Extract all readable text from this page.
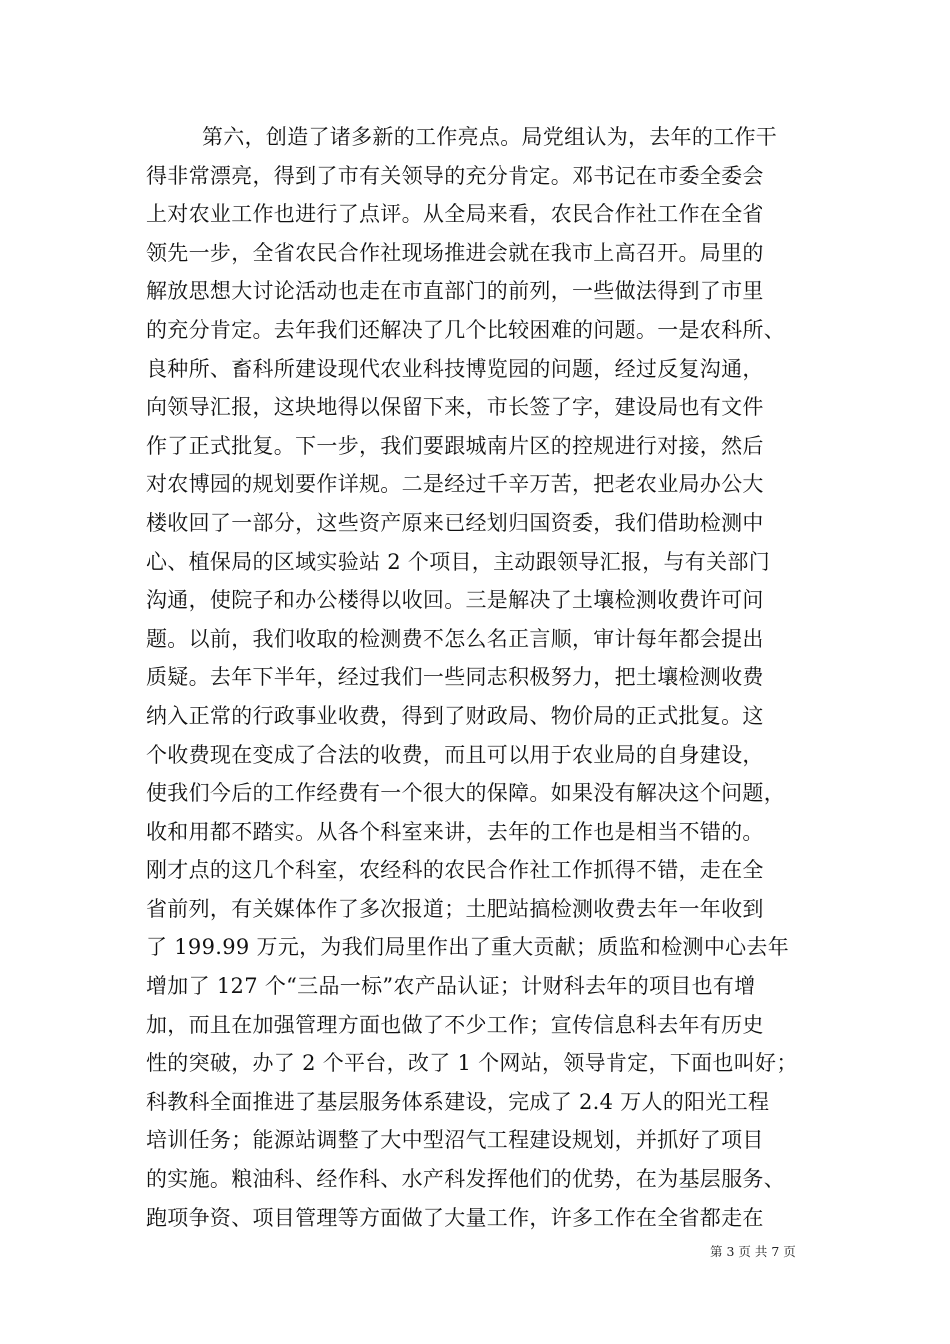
第六，创造了诸多新的工作亮点。局党组认为，去年的工作干
得非常漂亮，得到了市有关领导的充分肯定。邓书记在市委全委会
上对农业工作也进行了点评。从全局来看，农民合作社工作在全省
领先一步，全省农民合作社现场推进会就在我市上高召开。局里的
解放思想大讨论活动也走在市直部门的前列，一些做法得到了市里
的充分肯定。去年我们还解决了几个比较困难的问题。一是农科所、
良种所、畜科所建设现代农业科技博览园的问题，经过反复沟通，
向领导汇报，这块地得以保留下来，市长签了字，建设局也有文件
作了正式批复。下一步，我们要跟城南片区的控规进行对接，然后
对农博园的规划要作详规。二是经过千辛万苦，把老农业局办公大
楼收回了一部分，这些资产原来已经划归国资委，我们借助检测中
心、植保局的区域实验站 2 个项目，主动跟领导汇报，与有关部门
沟通，使院子和办公楼得以收回。三是解决了土壤检测收费许可问
题。以前，我们收取的检测费不怎么名正言顺，审计每年都会提出
质疑。去年下半年，经过我们一些同志积极努力，把土壤检测收费
纳入正常的行政事业收费，得到了财政局、物价局的正式批复。这
个收费现在变成了合法的收费，而且可以用于农业局的自身建设，
使我们今后的工作经费有一个很大的保障。如果没有解决这个问题，
收和用都不踏实。从各个科室来讲，去年的工作也是相当不错的。
刚才点的这几个科室，农经科的农民合作社工作抓得不错，走在全
省前列，有关媒体作了多次报道；土肥站搞检测收费去年一年收到
了 199.99 万元，为我们局里作出了重大贡献；质监和检测中心去年
增加了 127 个“三品一标”农产品认证；计财科去年的项目也有增
加，而且在加强管理方面也做了不少工作；宣传信息科去年有历史
性的突破，办了 2 个平台，改了 1 个网站，领导肯定，下面也叫好；
科教科全面推进了基层服务体系建设，完成了 2.4 万人的阳光工程
培训任务；能源站调整了大中型沼气工程建设规划，并抓好了项目
的实施。粮油科、经作科、水产科发挥他们的优势，在为基层服务、
跑项争资、项目管理等方面做了大量工作，许多工作在全省都走在
第 3 页 共 7 页
